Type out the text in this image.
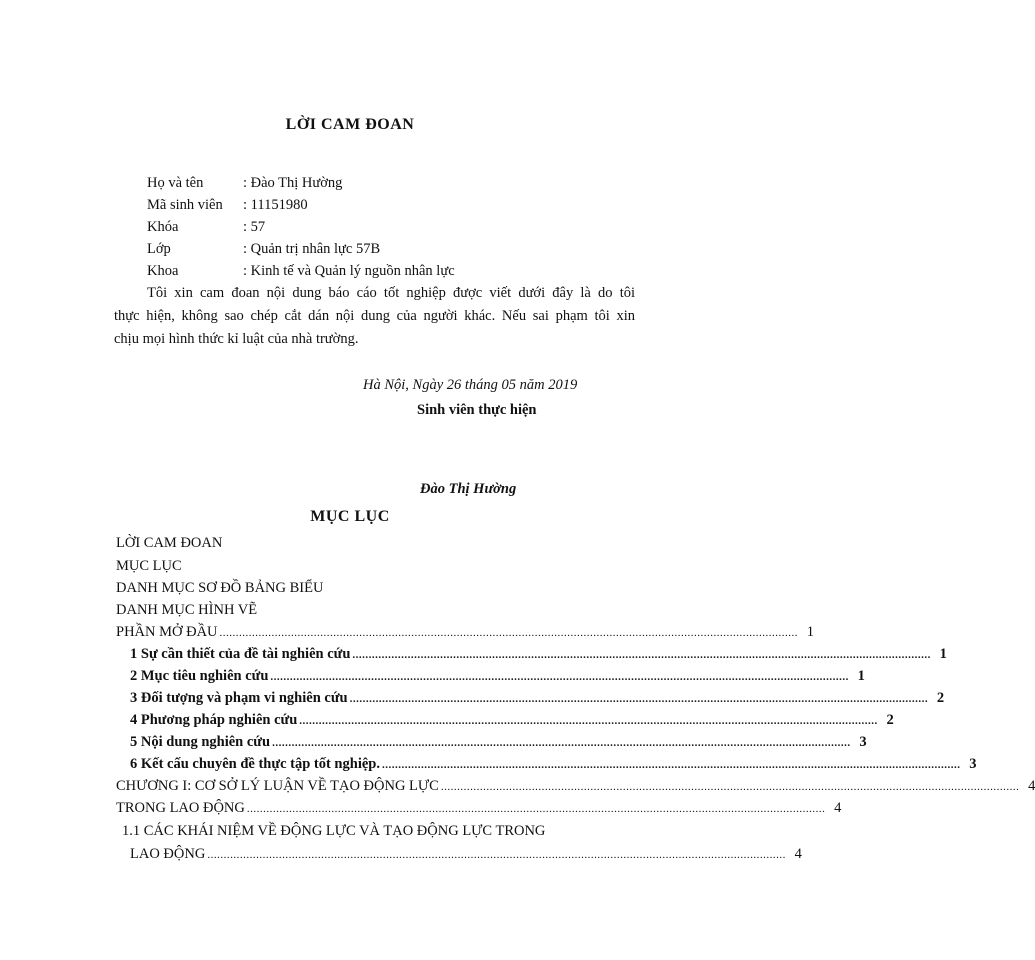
LỜI CAM ĐOAN
Họ và tên	: Đào Thị Hường
Mã sinh viên : 11151980
Khóa	: 57
Lớp	: Quản trị nhân lực 57B
Khoa	: Kinh tế và Quản lý nguồn nhân lực
Tôi xin cam đoan nội dung báo cáo tốt nghiệp được viết dưới đây là do tôi
thực hiện, không sao chép cắt dán nội dung của người khác. Nếu sai phạm tôi xin
chịu mọi hình thức kỉ luật của nhà trường.
Hà Nội, Ngày 26 tháng 05 năm 2019
Sinh viên thực hiện
Đào Thị Hường
MỤC LỤC
LỜI CAM ĐOAN
MỤC LỤC
DANH MỤC SƠ ĐỒ BẢNG BIỂU
DANH MỤC HÌNH VẼ
PHẦN MỞ ĐẦU .................................................................................................................................................................................. 1
1 Sự cần thiết của đề tài nghiên cứu .................................................................................................................................................................................. 1
2 Mục tiêu nghiên cứu .................................................................................................................................................................................. 1
3 Đối tượng và phạm vi nghiên cứu .................................................................................................................................................................................. 2
4 Phương pháp nghiên cứu .................................................................................................................................................................................. 2
5 Nội dung nghiên cứu .................................................................................................................................................................................. 3
6 Kết cấu chuyên đề thực tập tốt nghiệp. .................................................................................................................................................................................. 3
CHƯƠNG I: CƠ SỞ LÝ LUẬN VỀ TẠO ĐỘNG LỰC .................................................................................................................................................................................. 4
TRONG LAO ĐỘNG .................................................................................................................................................................................. 4
1.1 CÁC KHÁI NIỆM VỀ ĐỘNG LỰC VÀ TẠO ĐỘNG LỰC TRONG
LAO ĐỘNG .................................................................................................................................................................................. 4
